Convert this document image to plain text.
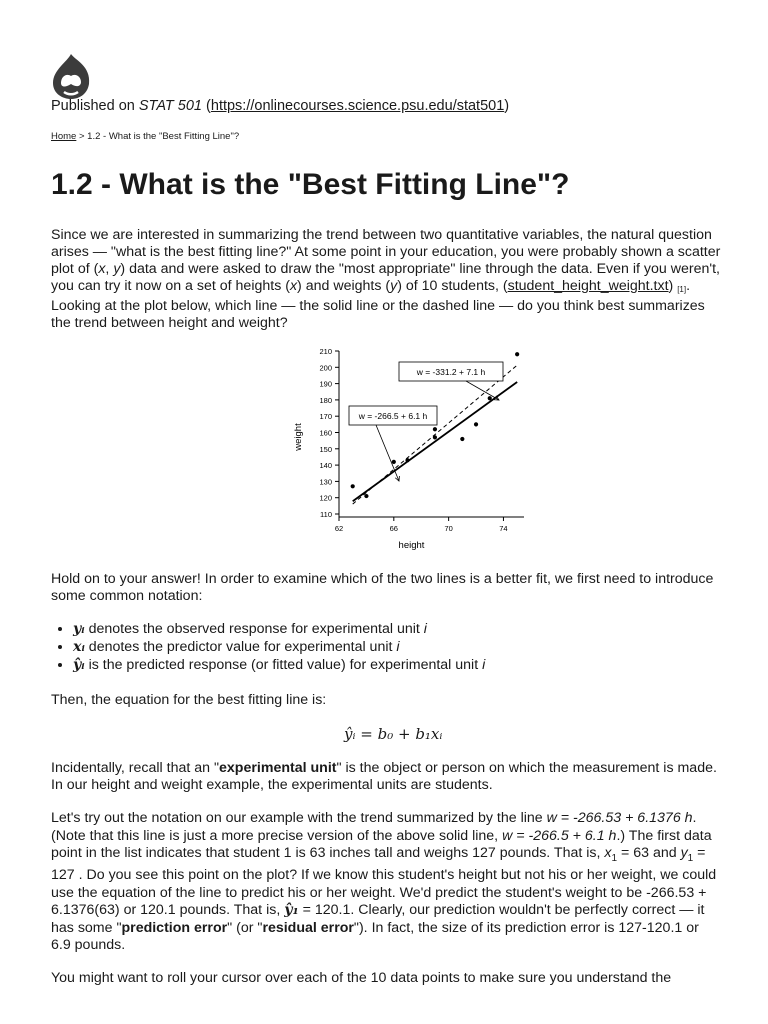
Published on STAT 501 (https://onlinecourses.science.psu.edu/stat501)
Home > 1.2 - What is the "Best Fitting Line"?
1.2 - What is the "Best Fitting Line"?

Since we are interested in summarizing the trend between two quantitative variables, the natural question arises — "what is the best fitting line?" At some point in your education, you were probably shown a scatter plot of (x, y) data and were asked to draw the "most appropriate" line through the data. Even if you weren't, you can try it now on a set of heights (x) and weights (y) of 10 students, (student_height_weight.txt) [1]. Looking at the plot below, which line — the solid line or the dashed line — do you think best summarizes the trend between height and weight?

110
120
130
140
150
160
170
180
190
200
210
62	66	70	74
height
weight
w = -266.5 + 6.1 h
w = -331.2 + 7.1 h

Hold on to your answer! In order to examine which of the two lines is a better fit, we first need to introduce some common notation:

• yᵢ denotes the observed response for experimental unit i
• xᵢ denotes the predictor value for experimental unit i
• ŷᵢ is the predicted response (or fitted value) for experimental unit i

Then, the equation for the best fitting line is:

ŷᵢ = b₀ + b₁xᵢ

Incidentally, recall that an "experimental unit" is the object or person on which the measurement is made. In our height and weight example, the experimental units are students.

Let's try out the notation on our example with the trend summarized by the line w = -266.53 + 6.1376 h. (Note that this line is just a more precise version of the above solid line, w = -266.5 + 6.1 h.) The first data point in the list indicates that student 1 is 63 inches tall and weighs 127 pounds. That is, $x_1 = 63$ and $y_1 = 127$ . Do you see this point on the plot? If we know this student's height but not his or her weight, we could use the equation of the line to predict his or her weight. We'd predict the student's weight to be -266.53 + 6.1376(63) or 120.1 pounds. That is, ŷ₁ = 120.1. Clearly, our prediction wouldn't be perfectly correct — it has some "prediction error" (or "residual error"). In fact, the size of its prediction error is 127-120.1 or 6.9 pounds.

You might want to roll your cursor over each of the 10 data points to make sure you understand the
